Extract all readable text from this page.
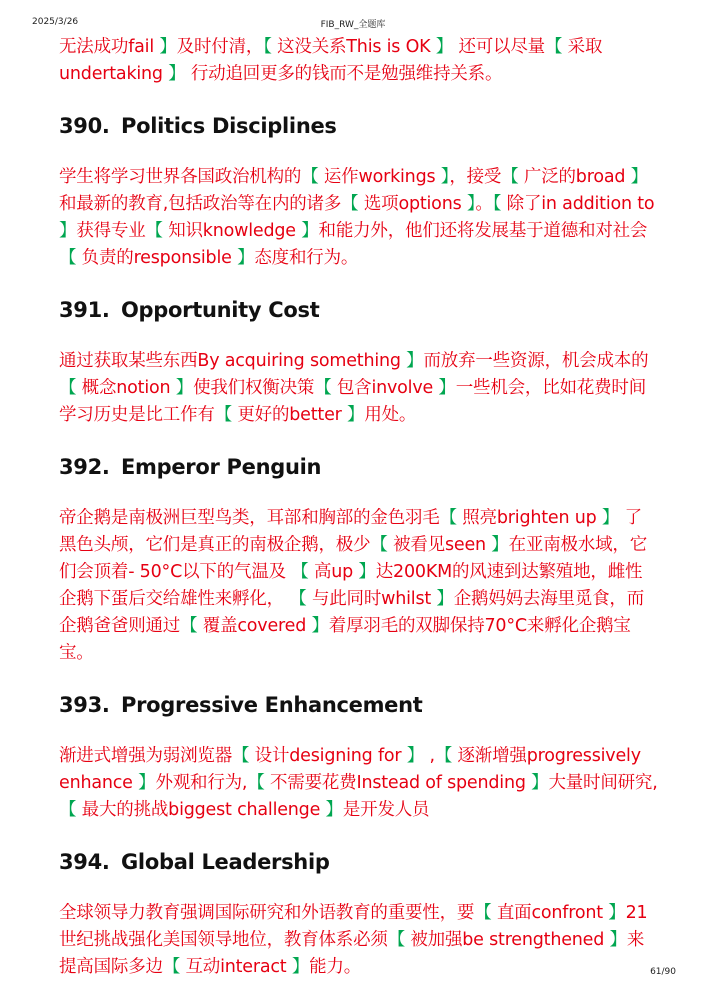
2025/3/26	FIB_RW_全题库

无法成功fail 】及时付清，【 这没关系This is OK 】 还可以尽量【 采取undertaking 】 行动追回更多的钱而不是勉强维持关系。

390. Politics Disciplines

学生将学习世界各国政治机构的【 运作workings 】，接受【 广泛的broad 】和最新的教育,包括政治等在内的诸多【 选项options 】。【 除了in addition to 】获得专业【 知识knowledge 】和能力外，他们还将发展基于道德和对社会【 负责的responsible 】态度和行为。

391. Opportunity Cost

通过获取某些东西By acquiring something 】而放弃一些资源，机会成本的【 概念notion 】使我们权衡决策【 包含involve 】一些机会，比如花费时间学习历史是比工作有【 更好的better 】用处。

392. Emperor Penguin

帝企鹅是南极洲巨型鸟类，耳部和胸部的金色羽毛【 照亮brighten up 】 了黑色头颅，它们是真正的南极企鹅，极少【 被看见seen 】在亚南极水域，它们会顶着- 50°C以下的气温及 【 高up 】达200KM的风速到达繁殖地，雌性企鹅下蛋后交给雄性来孵化， 【 与此同时whilst 】企鹅妈妈去海里觅食，而企鹅爸爸则通过【 覆盖covered 】着厚羽毛的双脚保持70°C来孵化企鹅宝宝。

393. Progressive Enhancement

渐进式增强为弱浏览器【 设计designing for 】 ,【 逐渐增强progressively enhance 】外观和行为,【 不需要花费Instead of spending 】大量时间研究,【 最大的挑战biggest challenge 】是开发人员

394. Global Leadership

全球领导力教育强调国际研究和外语教育的重要性，要【 直面confront 】21世纪挑战强化美国领导地位，教育体系必须【 被加强be strengthened 】来提高国际多边【 互动interact 】能力。	61/90
